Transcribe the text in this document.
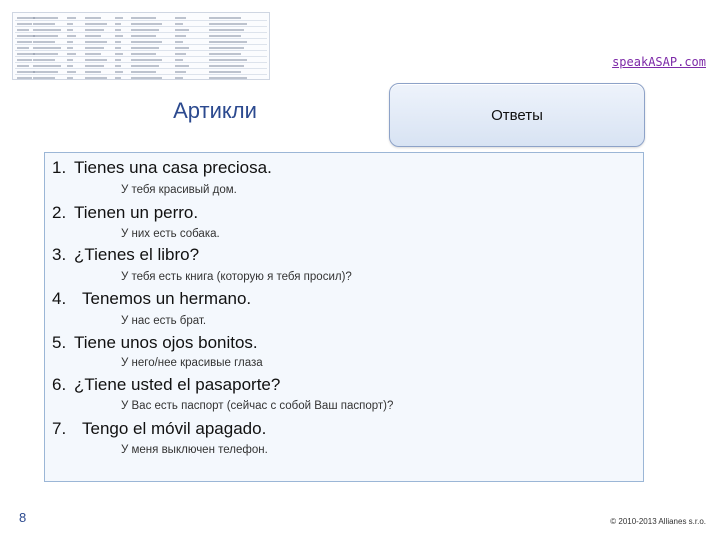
speakASAP.com
Артикли	Ответы
1. Tienes una casa preciosa.
У тебя красивый дом.
2. Tienen un perro.
У них есть собака.
3. ¿Tienes el libro?
У тебя есть книга (которую я тебя просил)?
4. Tenemos un hermano.
У нас есть брат.
5. Tiene unos ojos bonitos.
У него/нее красивые глаза
6. ¿Tiene usted el pasaporte?
У Вас есть паспорт (сейчас с собой Ваш паспорт)?
7. Tengo el móvil apagado.
У меня выключен телефон.
8	© 2010-2013 Allianes s.r.o.
